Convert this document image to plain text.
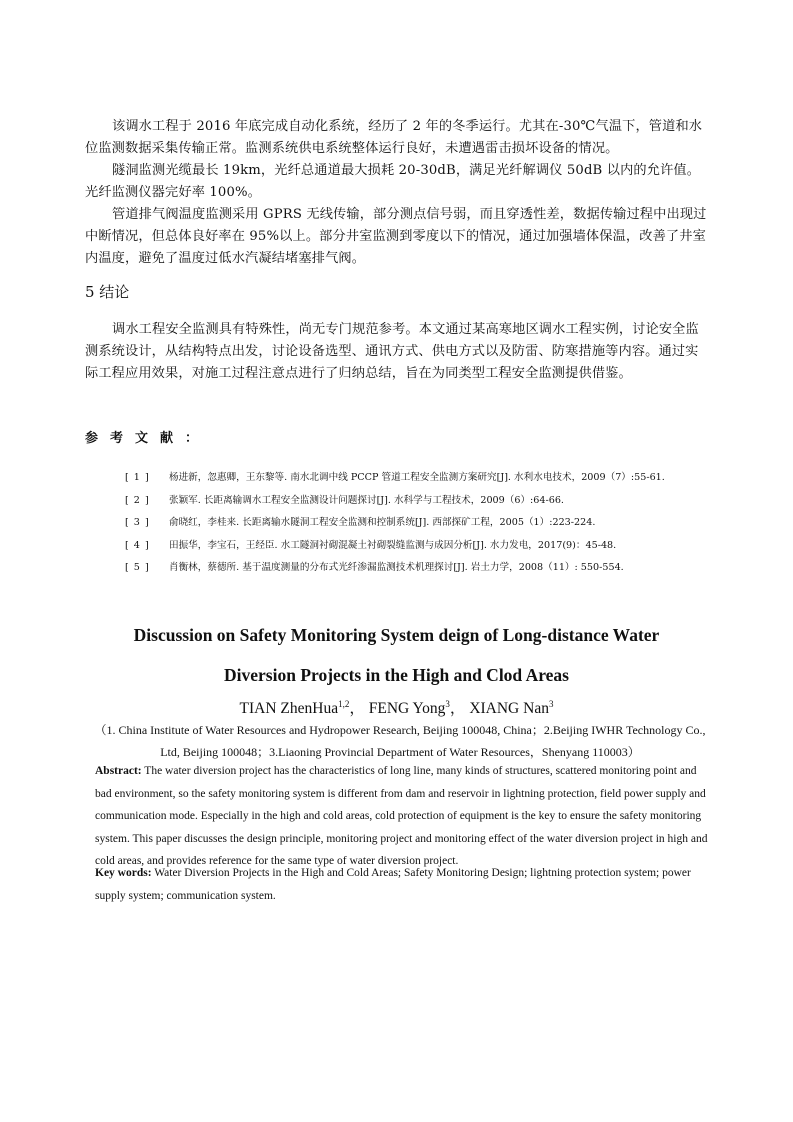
该调水工程于 2016 年底完成自动化系统，经历了 2 年的冬季运行。尤其在-30℃气温下，管道和水位监测数据采集传输正常。监测系统供电系统整体运行良好，未遭遇雷击损坏设备的情况。

隧洞监测光缆最长 19km，光纤总通道最大损耗 20-30dB，满足光纤解调仪 50dB 以内的允许值。光纤监测仪器完好率 100%。

管道排气阀温度监测采用 GPRS 无线传输，部分测点信号弱，而且穿透性差，数据传输过程中出现过中断情况，但总体良好率在 95%以上。部分井室监测到零度以下的情况，通过加强墙体保温，改善了井室内温度，避免了温度过低水汽凝结堵塞排气阀。

5 结论

调水工程安全监测具有特殊性，尚无专门规范参考。本文通过某高寒地区调水工程实例，讨论安全监测系统设计，从结构特点出发，讨论设备选型、通讯方式、供电方式以及防雷、防寒措施等内容。通过实际工程应用效果，对施工过程注意点进行了归纳总结，旨在为同类型工程安全监测提供借鉴。

参考文献：
[ 1 ]	杨进新，忽惠卿，王东黎等. 南水北调中线 PCCP 管道工程安全监测方案研究[J]. 水利水电技术，2009（7）:55-61.
[ 2 ]	张颖军. 长距离输调水工程安全监测设计问题探讨[J]. 水科学与工程技术，2009（6）:64-66.
[ 3 ]	俞晓红，李桂来. 长距离输水隧洞工程安全监测和控制系统[J]. 西部探矿工程，2005（1）:223-224.
[ 4 ]	田振华，李宝石，王经臣. 水工隧洞衬砌混凝土衬砌裂缝监测与成因分析[J]. 水力发电，2017(9)：45-48.
[ 5 ]	肖衡林，蔡德所. 基于温度测量的分布式光纤渗漏监测技术机理探讨[J]. 岩土力学，2008（11）: 550-554.
Discussion on Safety Monitoring System deign of Long-distance Water
Diversion Projects in the High and Clod Areas
TIAN ZhenHua$^{1,2}$， FENG Yong$^3$， XIANG Nan$^3$
（1. China Institute of Water Resources and Hydropower Research, Beijing 100048, China；2.Beijing IWHR Technology Co., Ltd, Beijing 100048；3.Liaoning Provincial Department of Water Resources，Shenyang 110003）
Abstract: The water diversion project has the characteristics of long line, many kinds of structures, scattered monitoring point and bad environment, so the safety monitoring system is different from dam and reservoir in lightning protection, field power supply and communication mode. Especially in the high and cold areas, cold protection of equipment is the key to ensure the safety monitoring system. This paper discusses the design principle, monitoring project and monitoring effect of the water diversion project in high and cold areas, and provides reference for the same type of water diversion project.
Key words: Water Diversion Projects in the High and Cold Areas; Safety Monitoring Design; lightning protection system; power supply system; communication system.
